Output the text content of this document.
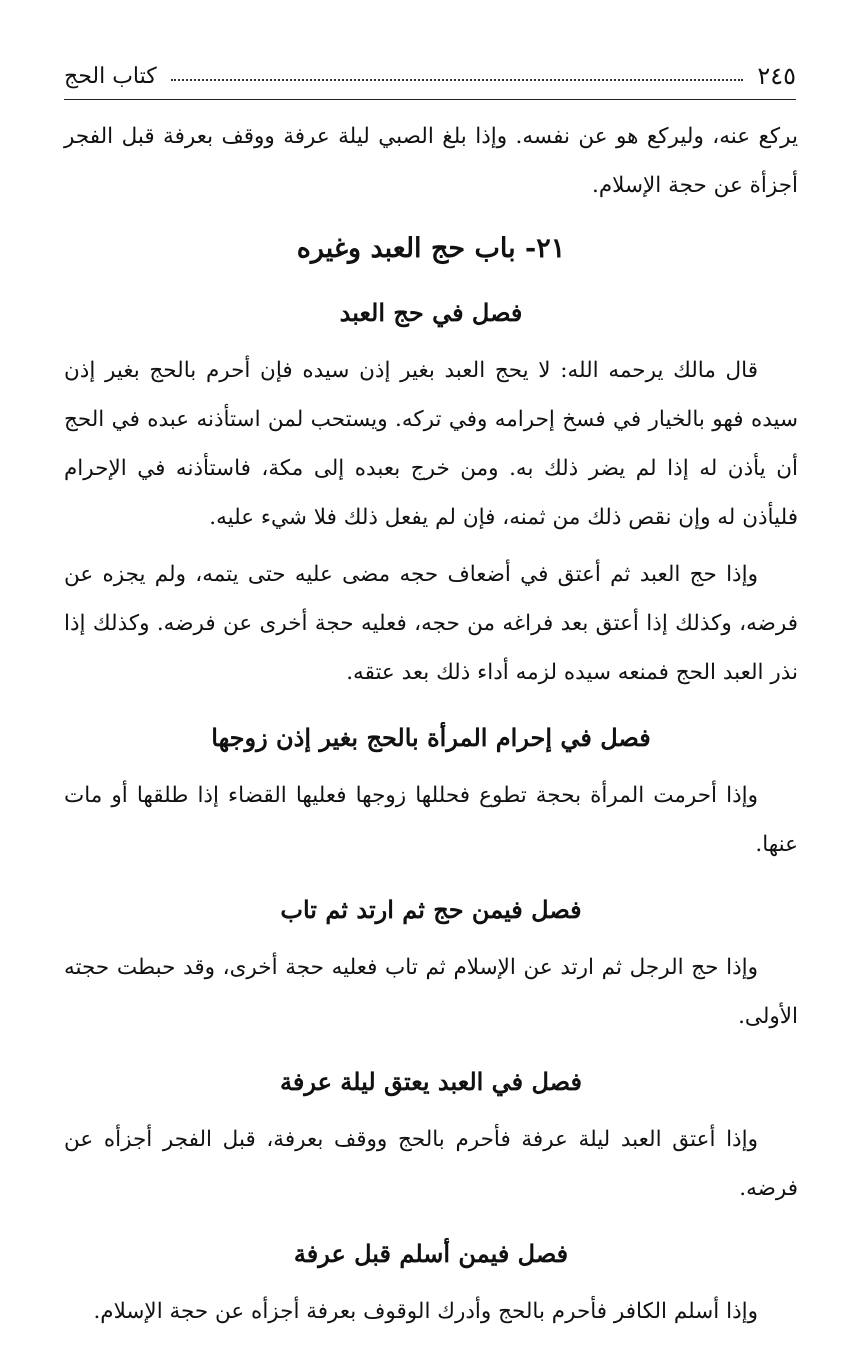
٢٤٥
كتاب الحج

يركع عنه، وليركع هو عن نفسه. وإذا بلغ الصبي ليلة عرفة ووقف بعرفة قبل الفجر أجزأة عن حجة الإسلام.

٢١- باب حج العبد وغيره
فصل في حج العبد

قال مالك يرحمه الله: لا يحج العبد بغير إذن سيده فإن أحرم بالحج بغير إذن سيده فهو بالخيار في فسخ إحرامه وفي تركه. ويستحب لمن استأذنه عبده في الحج أن يأذن له إذا لم يضر ذلك به. ومن خرج بعبده إلى مكة، فاستأذنه في الإحرام فليأذن له وإن نقص ذلك من ثمنه، فإن لم يفعل ذلك فلا شيء عليه.

وإذا حج العبد ثم أعتق في أضعاف حجه مضى عليه حتى يتمه، ولم يجزه عن فرضه، وكذلك إذا أعتق بعد فراغه من حجه، فعليه حجة أخرى عن فرضه. وكذلك إذا نذر العبد الحج فمنعه سيده لزمه أداء ذلك بعد عتقه.

فصل في إحرام المرأة بالحج بغير إذن زوجها

وإذا أحرمت المرأة بحجة تطوع فحللها زوجها فعليها القضاء إذا طلقها أو مات عنها.

فصل فيمن حج ثم ارتد ثم تاب

وإذا حج الرجل ثم ارتد عن الإسلام ثم تاب فعليه حجة أخرى، وقد حبطت حجته الأولى.

فصل في العبد يعتق ليلة عرفة

وإذا أعتق العبد ليلة عرفة فأحرم بالحج ووقف بعرفة، قبل الفجر أجزأه عن فرضه.

فصل فيمن أسلم قبل عرفة

وإذا أسلم الكافر فأحرم بالحج وأدرك الوقوف بعرفة أجزأه عن حجة الإسلام.
